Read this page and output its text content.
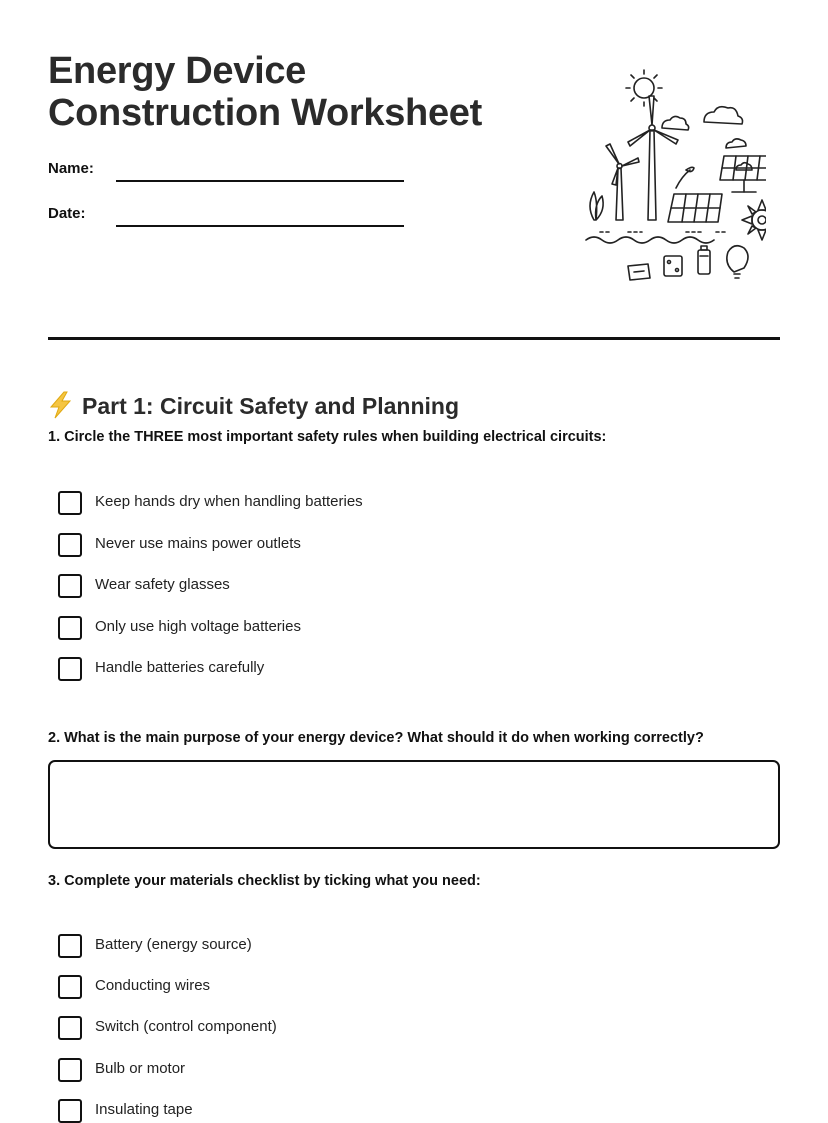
Energy Device
Construction Worksheet
Name:
Date:
Part 1: Circuit Safety and Planning
1. Circle the THREE most important safety rules when building electrical circuits:
Keep hands dry when handling batteries
Never use mains power outlets
Wear safety glasses
Only use high voltage batteries
Handle batteries carefully
2. What is the main purpose of your energy device? What should it do when working correctly?
3. Complete your materials checklist by ticking what you need:
Battery (energy source)
Conducting wires
Switch (control component)
Bulb or motor
Insulating tape
